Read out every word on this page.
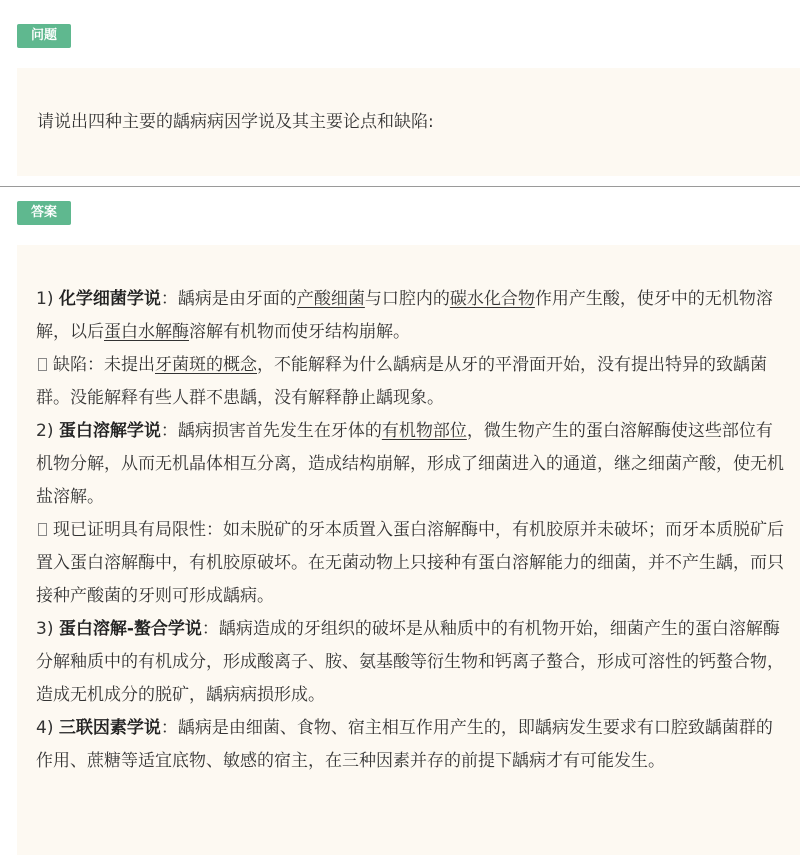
问题
请说出四种主要的龋病病因学说及其主要论点和缺陷:
答案

1) 化学细菌学说：龋病是由牙面的产酸细菌与口腔内的碳水化合物作用产生酸，使牙中的无机物溶解，以后蛋白水解酶溶解有机物而使牙结构崩解。

缺陷：未提出牙菌斑的概念，不能解释为什么龋病是从牙的平滑面开始，没有提出特异的致龋菌群。没能解释有些人群不患龋，没有解释静止龋现象。

2) 蛋白溶解学说：龋病损害首先发生在牙体的有机物部位，微生物产生的蛋白溶解酶使这些部位有机物分解，从而无机晶体相互分离，造成结构崩解，形成了细菌进入的通道，继之细菌产酸，使无机盐溶解。

现已证明具有局限性：如未脱矿的牙本质置入蛋白溶解酶中，有机胶原并未破坏；而牙本质脱矿后置入蛋白溶解酶中，有机胶原破坏。在无菌动物上只接种有蛋白溶解能力的细菌，并不产生龋，而只接种产酸菌的牙则可形成龋病。

3) 蛋白溶解-螯合学说：龋病造成的牙组织的破坏是从釉质中的有机物开始，细菌产生的蛋白溶解酶分解釉质中的有机成分，形成酸离子、胺、氨基酸等衍生物和钙离子螯合，形成可溶性的钙螯合物，造成无机成分的脱矿，龋病病损形成。

4) 三联因素学说：龋病是由细菌、食物、宿主相互作用产生的，即龋病发生要求有口腔致龋菌群的作用、蔗糖等适宜底物、敏感的宿主，在三种因素并存的前提下龋病才有可能发生。
